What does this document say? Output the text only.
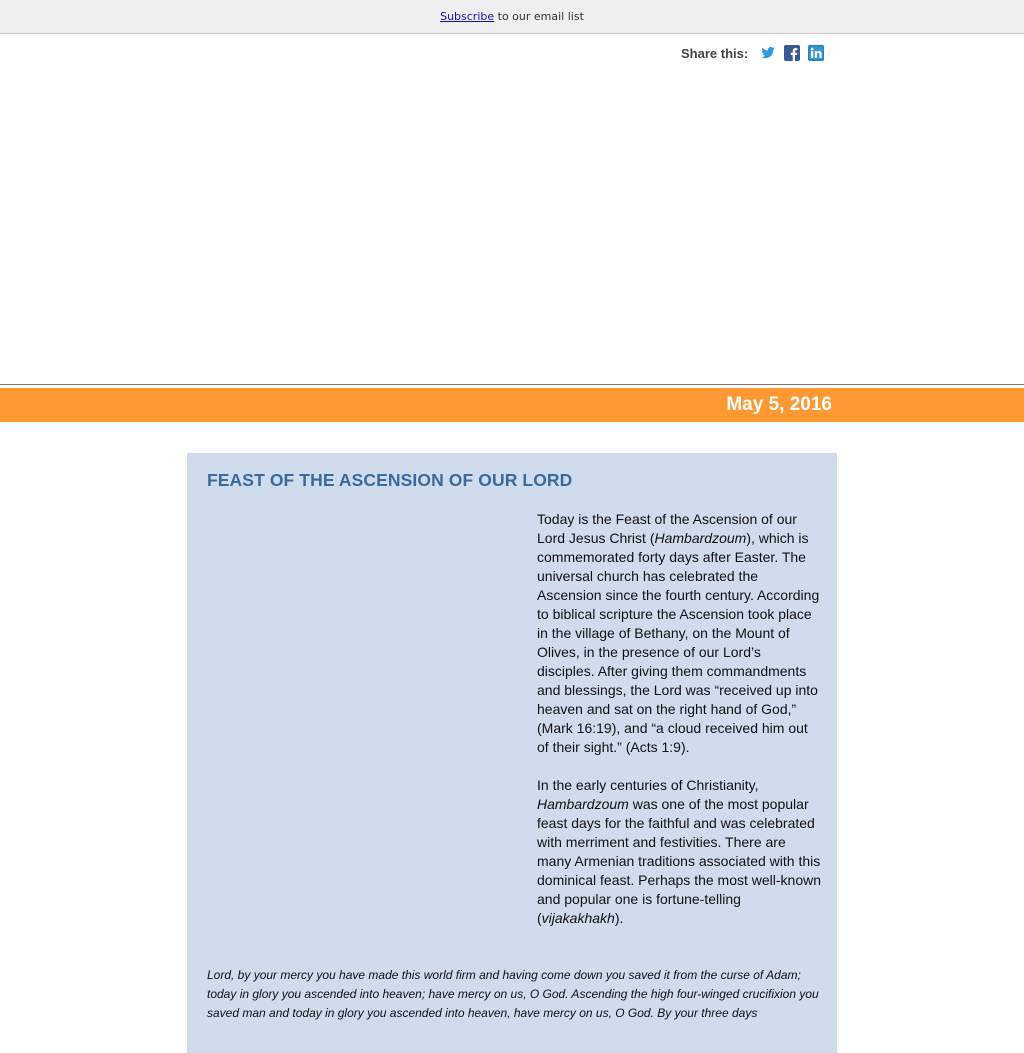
Subscribe to our email list
Share this:
May 5, 2016
FEAST OF THE ASCENSION OF OUR LORD

Today is the Feast of the Ascension of our Lord Jesus Christ (Hambardzoum), which is commemorated forty days after Easter. The universal church has celebrated the Ascension since the fourth century. According to biblical scripture the Ascension took place in the village of Bethany, on the Mount of Olives, in the presence of our Lord’s disciples. After giving them commandments and blessings, the Lord was “received up into heaven and sat on the right hand of God,” (Mark 16:19), and “a cloud received him out of their sight.” (Acts 1:9).

In the early centuries of Christianity, Hambardzoum was one of the most popular feast days for the faithful and was celebrated with merriment and festivities. There are many Armenian traditions associated with this dominical feast. Perhaps the most well-known and popular one is fortune-telling (vijakakhakh).

Lord, by your mercy you have made this world firm and having come down you saved it from the curse of Adam; today in glory you ascended into heaven; have mercy on us, O God. Ascending the high four-winged crucifixion you saved man and today in glory you ascended into heaven, have mercy on us, O God. By your three days
